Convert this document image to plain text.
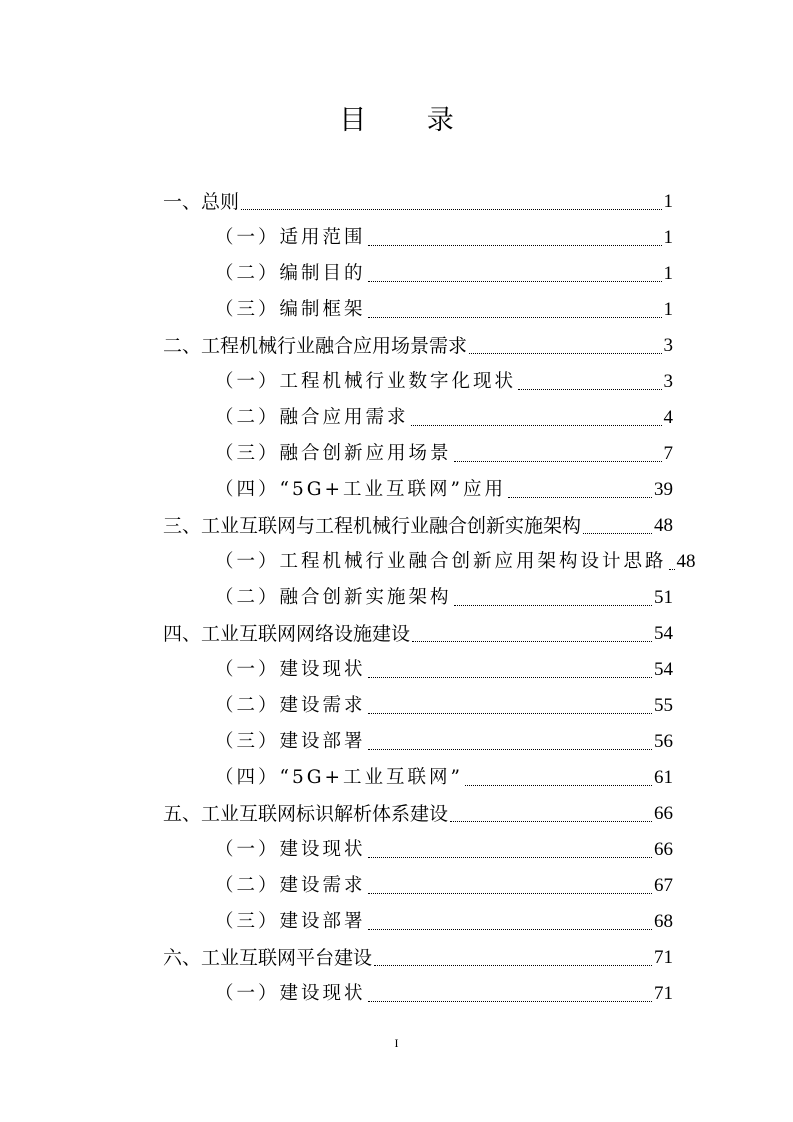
目 录
一、总则	1
（一）适用范围	1
（二）编制目的	1
（三）编制框架	1
二、工程机械行业融合应用场景需求	3
（一）工程机械行业数字化现状	3
（二）融合应用需求	4
（三）融合创新应用场景	7
（四）“5G+工业互联网”应用	39
三、工业互联网与工程机械行业融合创新实施架构	48
（一）工程机械行业融合创新应用架构设计思路 48
（二）融合创新实施架构	51
四、工业互联网网络设施建设	54
（一）建设现状	54
（二）建设需求	55
（三）建设部署	56
（四）“5G+工业互联网”	61
五、工业互联网标识解析体系建设	66
（一）建设现状	66
（二）建设需求	67
（三）建设部署	68
六、工业互联网平台建设	71
（一）建设现状	71
I
